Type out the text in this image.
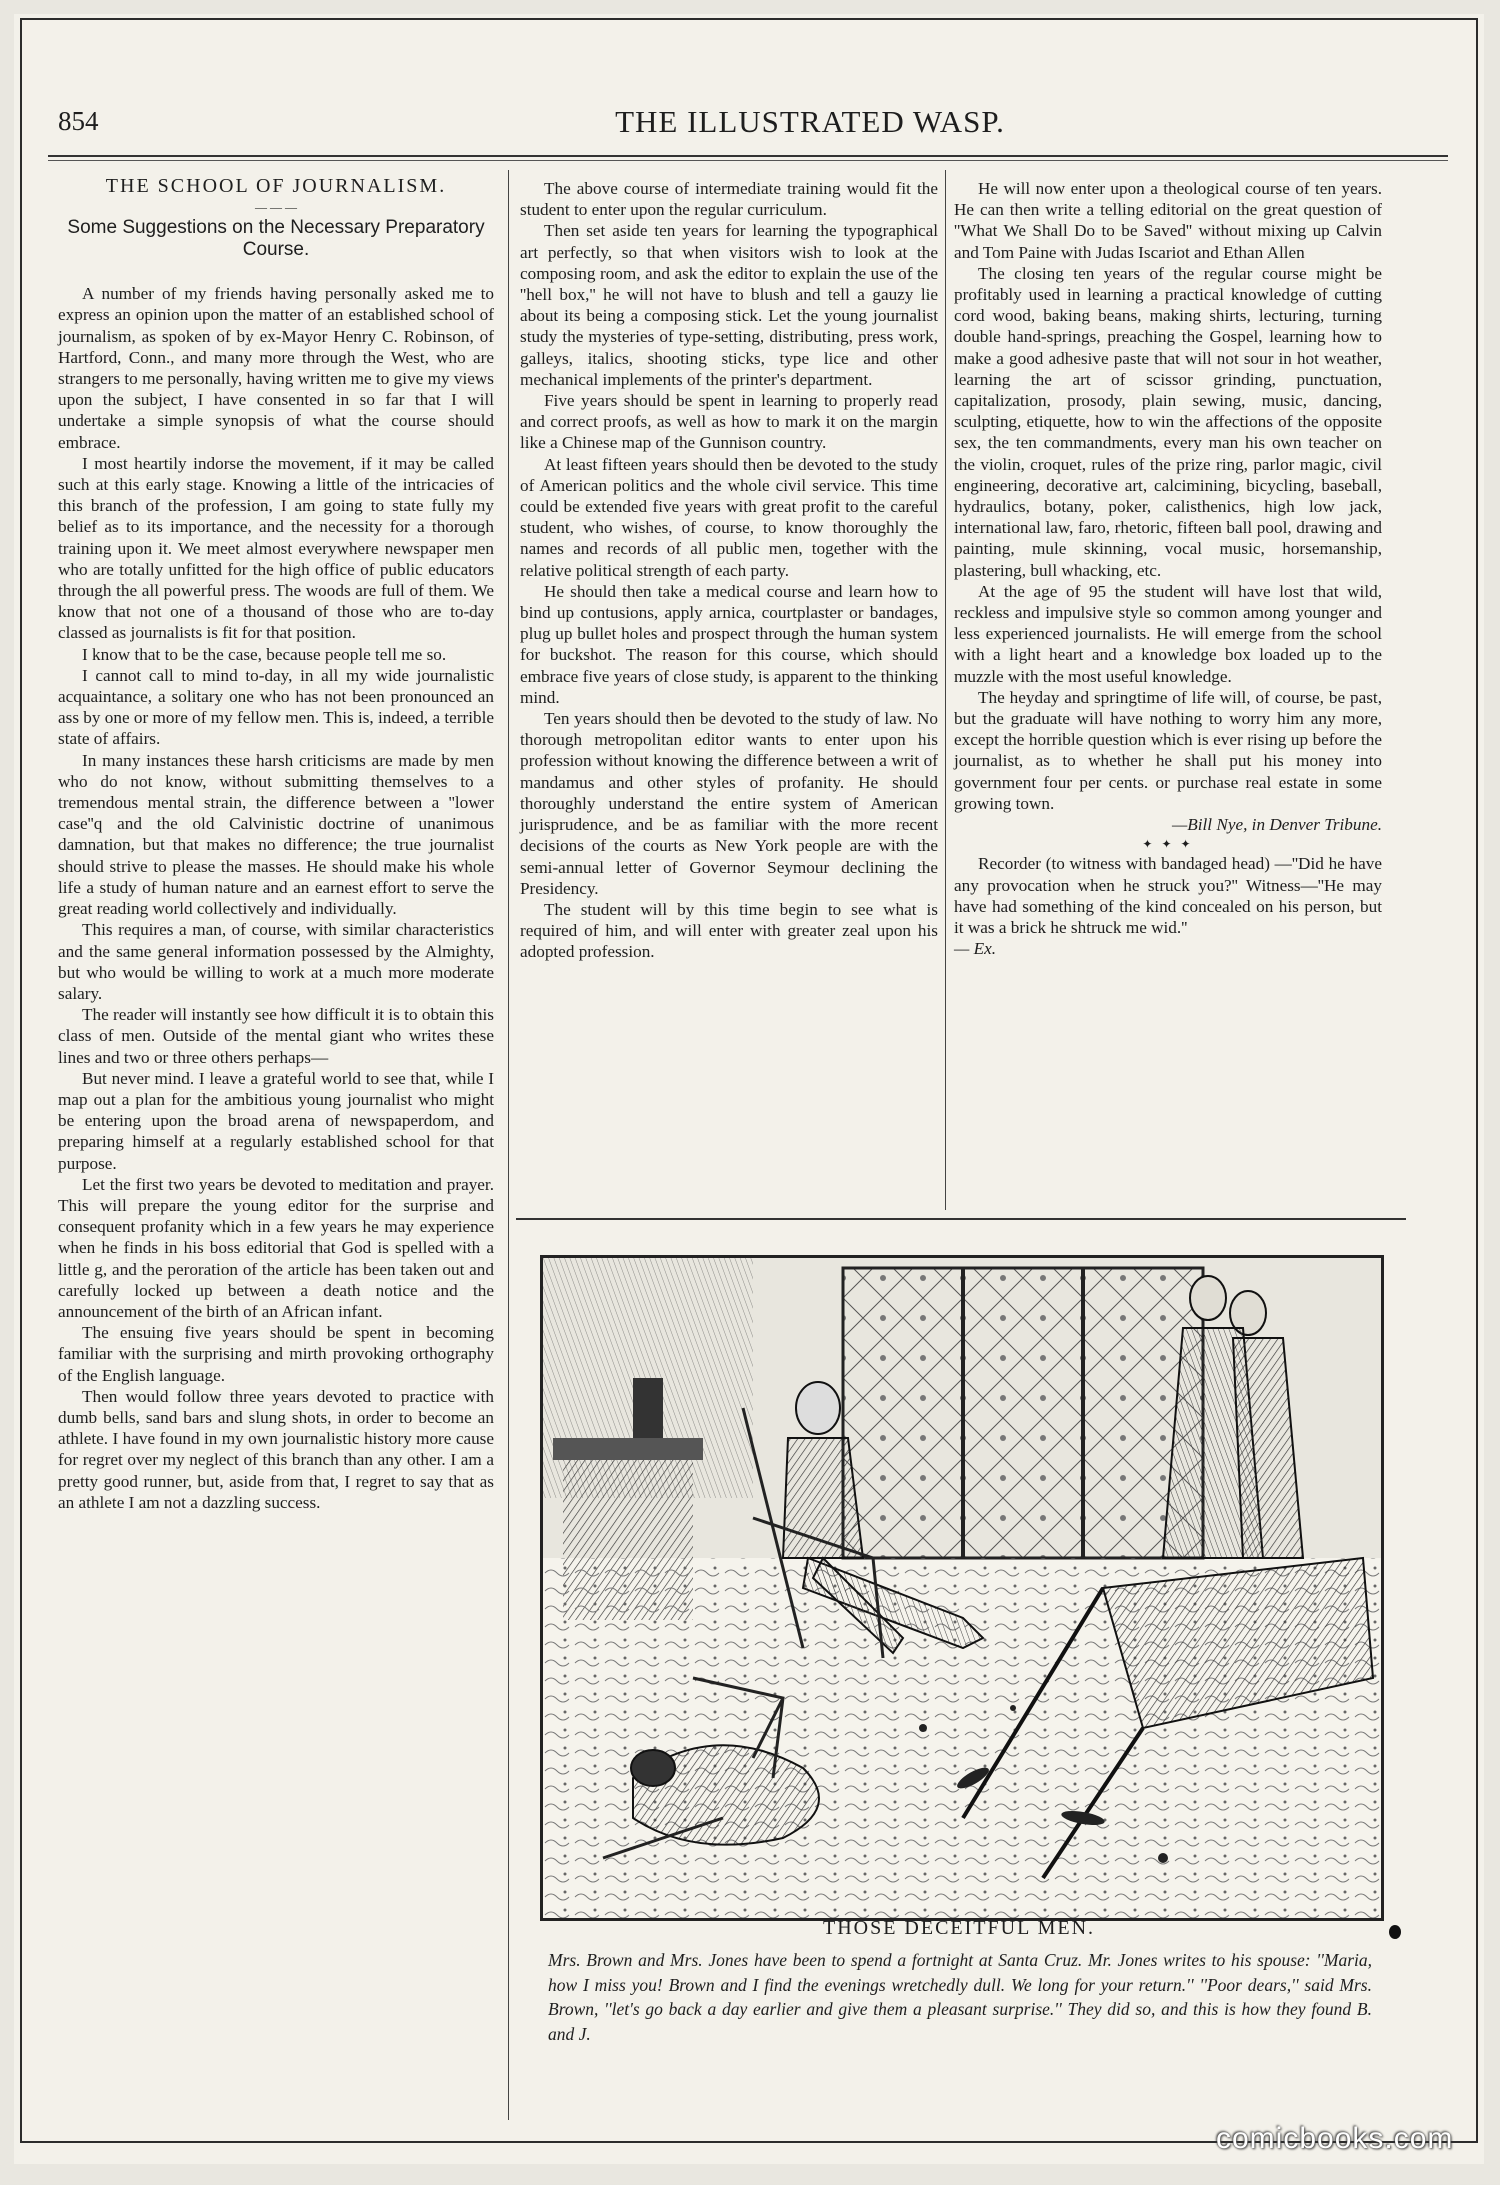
854	THE ILLUSTRATED WASP.
THE SCHOOL OF JOURNALISM.
— — —
Some Suggestions on the Necessary Preparatory Course.

A number of my friends having personally asked me to express an opinion upon the matter of an established school of journalism, as spoken of by ex-Mayor Henry C. Robinson, of Hartford, Conn., and many more through the West, who are strangers to me personally, having written me to give my views upon the subject, I have consented in so far that I will undertake a simple synopsis of what the course should embrace.

I most heartily indorse the movement, if it may be called such at this early stage. Knowing a little of the intricacies of this branch of the profession, I am going to state fully my belief as to its importance, and the necessity for a thorough training upon it. We meet almost everywhere newspaper men who are totally unfitted for the high office of public educators through the all powerful press. The woods are full of them. We know that not one of a thousand of those who are to-day classed as journalists is fit for that position.

I know that to be the case, because people tell me so.

I cannot call to mind to-day, in all my wide journalistic acquaintance, a solitary one who has not been pronounced an ass by one or more of my fellow men. This is, indeed, a terrible state of affairs.

In many instances these harsh criticisms are made by men who do not know, without submitting themselves to a tremendous mental strain, the difference between a ''lower case''q and the old Calvinistic doctrine of unanimous damnation, but that makes no difference; the true journalist should strive to please the masses. He should make his whole life a study of human nature and an earnest effort to serve the great reading world collectively and individually.

This requires a man, of course, with similar characteristics and the same general information possessed by the Almighty, but who would be willing to work at a much more moderate salary.

The reader will instantly see how difficult it is to obtain this class of men. Outside of the mental giant who writes these lines and two or three others perhaps—

But never mind. I leave a grateful world to see that, while I map out a plan for the ambitious young journalist who might be entering upon the broad arena of newspaperdom, and preparing himself at a regularly established school for that purpose.

Let the first two years be devoted to meditation and prayer. This will prepare the young editor for the surprise and consequent profanity which in a few years he may experience when he finds in his boss editorial that God is spelled with a little g, and the peroration of the article has been taken out and carefully locked up between a death notice and the announcement of the birth of an African infant.

The ensuing five years should be spent in becoming familiar with the surprising and mirth provoking orthography of the English language.

Then would follow three years devoted to practice with dumb bells, sand bars and slung shots, in order to become an athlete. I have found in my own journalistic history more cause for regret over my neglect of this branch than any other. I am a pretty good runner, but, aside from that, I regret to say that as an athlete I am not a dazzling success.

The above course of intermediate training would fit the student to enter upon the regular curriculum.

Then set aside ten years for learning the typographical art perfectly, so that when visitors wish to look at the composing room, and ask the editor to explain the use of the ''hell box,'' he will not have to blush and tell a gauzy lie about its being a composing stick. Let the young journalist study the mysteries of type-setting, distributing, press work, galleys, italics, shooting sticks, type lice and other mechanical implements of the printer's department.

Five years should be spent in learning to properly read and correct proofs, as well as how to mark it on the margin like a Chinese map of the Gunnison country.

At least fifteen years should then be devoted to the study of American politics and the whole civil service. This time could be extended five years with great profit to the careful student, who wishes, of course, to know thoroughly the names and records of all public men, together with the relative political strength of each party.

He should then take a medical course and learn how to bind up contusions, apply arnica, courtplaster or bandages, plug up bullet holes and prospect through the human system for buckshot. The reason for this course, which should embrace five years of close study, is apparent to the thinking mind.

Ten years should then be devoted to the study of law. No thorough metropolitan editor wants to enter upon his profession without knowing the difference between a writ of mandamus and other styles of profanity. He should thoroughly understand the entire system of American jurisprudence, and be as familiar with the more recent decisions of the courts as New York people are with the semi-annual letter of Governor Seymour declining the Presidency.

The student will by this time begin to see what is required of him, and will enter with greater zeal upon his adopted profession.

He will now enter upon a theological course of ten years. He can then write a telling editorial on the great question of ''What We Shall Do to be Saved'' without mixing up Calvin and Tom Paine with Judas Iscariot and Ethan Allen

The closing ten years of the regular course might be profitably used in learning a practical knowledge of cutting cord wood, baking beans, making shirts, lecturing, turning double hand-springs, preaching the Gospel, learning how to make a good adhesive paste that will not sour in hot weather, learning the art of scissor grinding, punctuation, capitalization, prosody, plain sewing, music, dancing, sculpting, etiquette, how to win the affections of the opposite sex, the ten commandments, every man his own teacher on the violin, croquet, rules of the prize ring, parlor magic, civil engineering, decorative art, calcimining, bicycling, baseball, hydraulics, botany, poker, calisthenics, high low jack, international law, faro, rhetoric, fifteen ball pool, drawing and painting, mule skinning, vocal music, horsemanship, plastering, bull whacking, etc.

At the age of 95 the student will have lost that wild, reckless and impulsive style so common among younger and less experienced journalists. He will emerge from the school with a light heart and a knowledge box loaded up to the muzzle with the most useful knowledge.

The heyday and springtime of life will, of course, be past, but the graduate will have nothing to worry him any more, except the horrible question which is ever rising up before the journalist, as to whether he shall put his money into government four per cents. or purchase real estate in some growing town.

—Bill Nye, in Denver Tribune.

✦ ✦ ✦

Recorder (to witness with bandaged head) —''Did he have any provocation when he struck you?'' Witness—''He may have had something of the kind concealed on his person, but it was a brick he shtruck me wid.''

— Ex.

THOSE DECEITFUL MEN.
Mrs. Brown and Mrs. Jones have been to spend a fortnight at Santa Cruz. Mr. Jones writes to his spouse: ''Maria, how I miss you! Brown and I find the evenings wretchedly dull. We long for your return.'' ''Poor dears,'' said Mrs. Brown, ''let's go back a day earlier and give them a pleasant surprise.'' They did so, and this is how they found B. and J.
comicbooks.com
